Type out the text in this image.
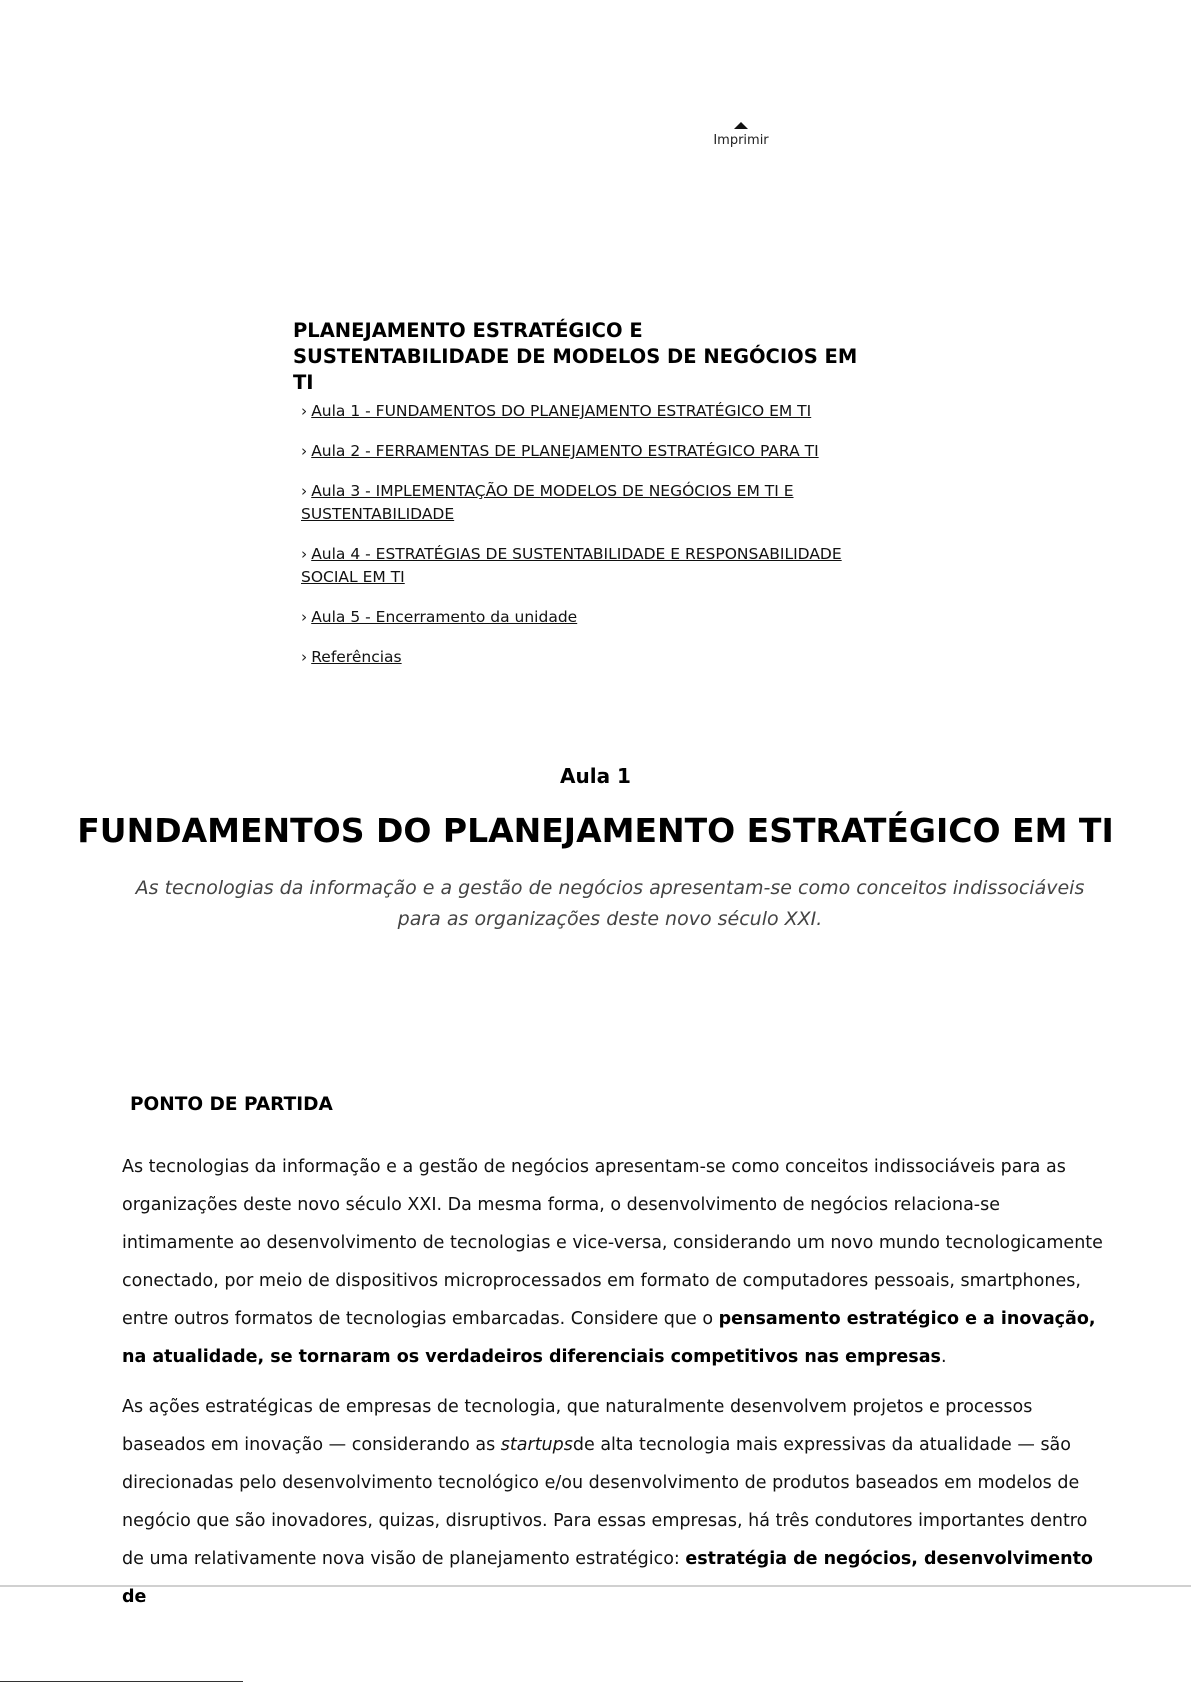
Imprimir
PLANEJAMENTO ESTRATÉGICO E SUSTENTABILIDADE DE MODELOS DE NEGÓCIOS EM TI
› Aula 1 - FUNDAMENTOS DO PLANEJAMENTO ESTRATÉGICO EM TI
› Aula 2 - FERRAMENTAS DE PLANEJAMENTO ESTRATÉGICO PARA TI
› Aula 3 - IMPLEMENTAÇÃO DE MODELOS DE NEGÓCIOS EM TI E SUSTENTABILIDADE
› Aula 4 - ESTRATÉGIAS DE SUSTENTABILIDADE E RESPONSABILIDADE SOCIAL EM TI
› Aula 5 - Encerramento da unidade
› Referências
Aula 1
FUNDAMENTOS DO PLANEJAMENTO ESTRATÉGICO EM TI
As tecnologias da informação e a gestão de negócios apresentam-se como conceitos indissociáveis para as organizações deste novo século XXI.
PONTO DE PARTIDA

As tecnologias da informação e a gestão de negócios apresentam-se como conceitos indissociáveis para as organizações deste novo século XXI. Da mesma forma, o desenvolvimento de negócios relaciona-se intimamente ao desenvolvimento de tecnologias e vice-versa, considerando um novo mundo tecnologicamente conectado, por meio de dispositivos microprocessados em formato de computadores pessoais, smartphones, entre outros formatos de tecnologias embarcadas. Considere que o pensamento estratégico e a inovação, na atualidade, se tornaram os verdadeiros diferenciais competitivos nas empresas.

As ações estratégicas de empresas de tecnologia, que naturalmente desenvolvem projetos e processos baseados em inovação — considerando as startupsde alta tecnologia mais expressivas da atualidade — são direcionadas pelo desenvolvimento tecnológico e/ou desenvolvimento de produtos baseados em modelos de negócio que são inovadores, quizas, disruptivos. Para essas empresas, há três condutores importantes dentro de uma relativamente nova visão de planejamento estratégico: estratégia de negócios, desenvolvimento de
